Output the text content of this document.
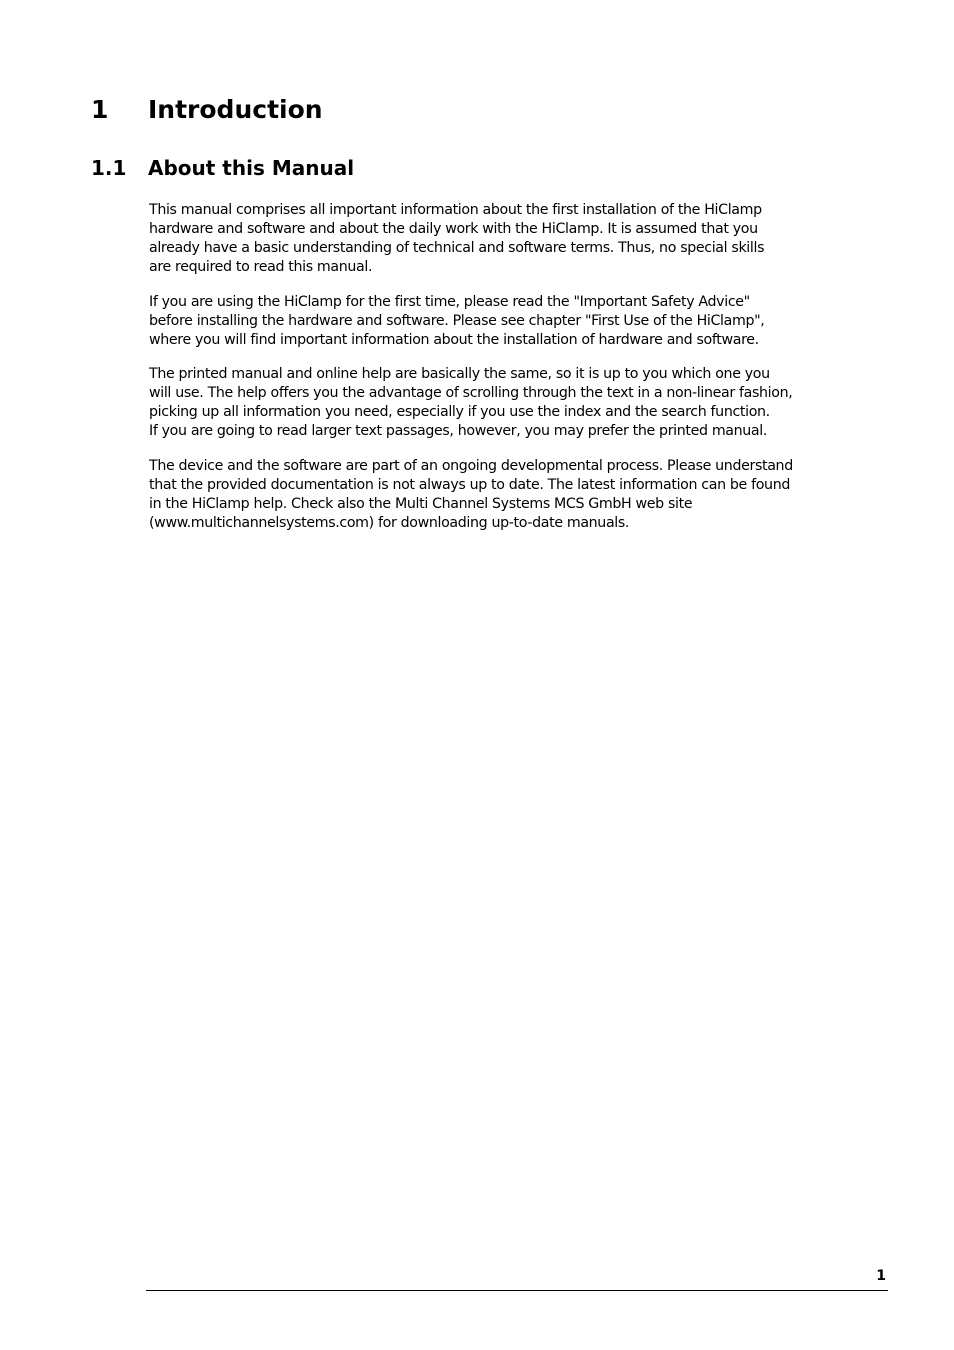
1 Introduction
1.1 About this Manual

This manual comprises all important information about the first installation of the HiClamp
hardware and software and about the daily work with the HiClamp. It is assumed that you
already have a basic understanding of technical and software terms. Thus, no special skills
are required to read this manual.

If you are using the HiClamp for the first time, please read the "Important Safety Advice"
before installing the hardware and software. Please see chapter "First Use of the HiClamp",
where you will find important information about the installation of hardware and software.

The printed manual and online help are basically the same, so it is up to you which one you
will use. The help offers you the advantage of scrolling through the text in a non-linear fashion,
picking up all information you need, especially if you use the index and the search function.
If you are going to read larger text passages, however, you may prefer the printed manual.

The device and the software are part of an ongoing developmental process. Please understand
that the provided documentation is not always up to date. The latest information can be found
in the HiClamp help. Check also the Multi Channel Systems MCS GmbH web site
(www.multichannelsystems.com) for downloading up-to-date manuals.

1
